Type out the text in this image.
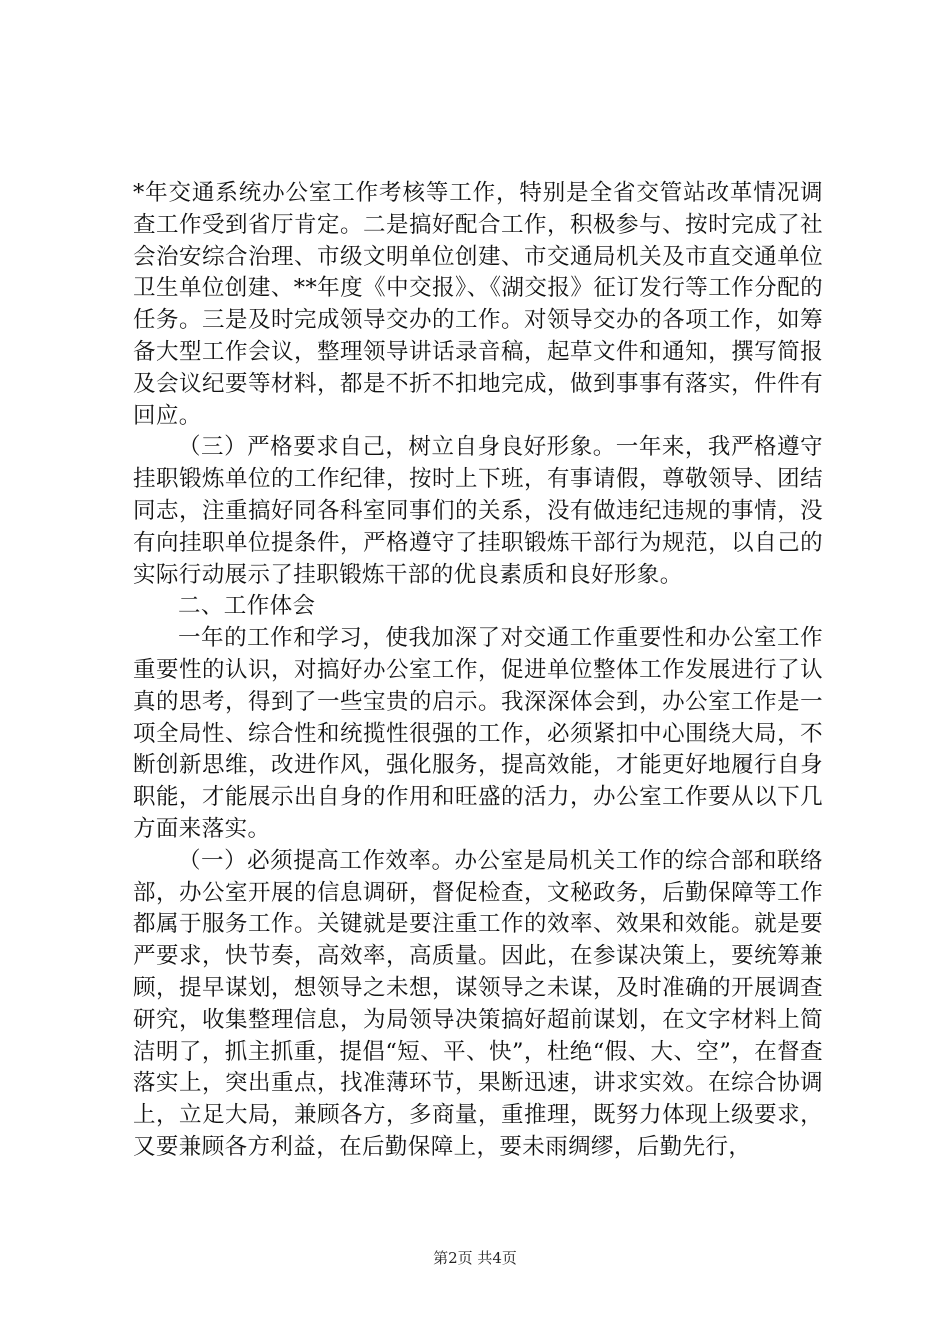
*年交通系统办公室工作考核等工作，特别是全省交管站改革情况调查工作受到省厅肯定。二是搞好配合工作，积极参与、按时完成了社会治安综合治理、市级文明单位创建、市交通局机关及市直交通单位卫生单位创建、**年度《中交报》、《湖交报》征订发行等工作分配的任务。三是及时完成领导交办的工作。对领导交办的各项工作，如筹备大型工作会议，整理领导讲话录音稿，起草文件和通知，撰写简报及会议纪要等材料，都是不折不扣地完成，做到事事有落实，件件有回应。

（三）严格要求自己，树立自身良好形象。一年来，我严格遵守挂职锻炼单位的工作纪律，按时上下班，有事请假，尊敬领导、团结同志，注重搞好同各科室同事们的关系，没有做违纪违规的事情，没有向挂职单位提条件，严格遵守了挂职锻炼干部行为规范，以自己的实际行动展示了挂职锻炼干部的优良素质和良好形象。

二、工作体会

一年的工作和学习，使我加深了对交通工作重要性和办公室工作重要性的认识，对搞好办公室工作，促进单位整体工作发展进行了认真的思考，得到了一些宝贵的启示。我深深体会到，办公室工作是一项全局性、综合性和统揽性很强的工作，必须紧扣中心围绕大局，不断创新思维，改进作风，强化服务，提高效能，才能更好地履行自身职能，才能展示出自身的作用和旺盛的活力，办公室工作要从以下几方面来落实。

（一）必须提高工作效率。办公室是局机关工作的综合部和联络部，办公室开展的信息调研，督促检查，文秘政务，后勤保障等工作都属于服务工作。关键就是要注重工作的效率、效果和效能。就是要严要求，快节奏，高效率，高质量。因此，在参谋决策上，要统筹兼顾，提早谋划，想领导之未想，谋领导之未谋，及时准确的开展调查研究，收集整理信息，为局领导决策搞好超前谋划，在文字材料上简洁明了，抓主抓重，提倡“短、平、快”，杜绝“假、大、空”，在督查落实上，突出重点，找准薄环节，果断迅速，讲求实效。在综合协调上，立足大局，兼顾各方，多商量，重推理，既努力体现上级要求，又要兼顾各方利益，在后勤保障上，要未雨绸缪，后勤先行，

第2页 共4页
